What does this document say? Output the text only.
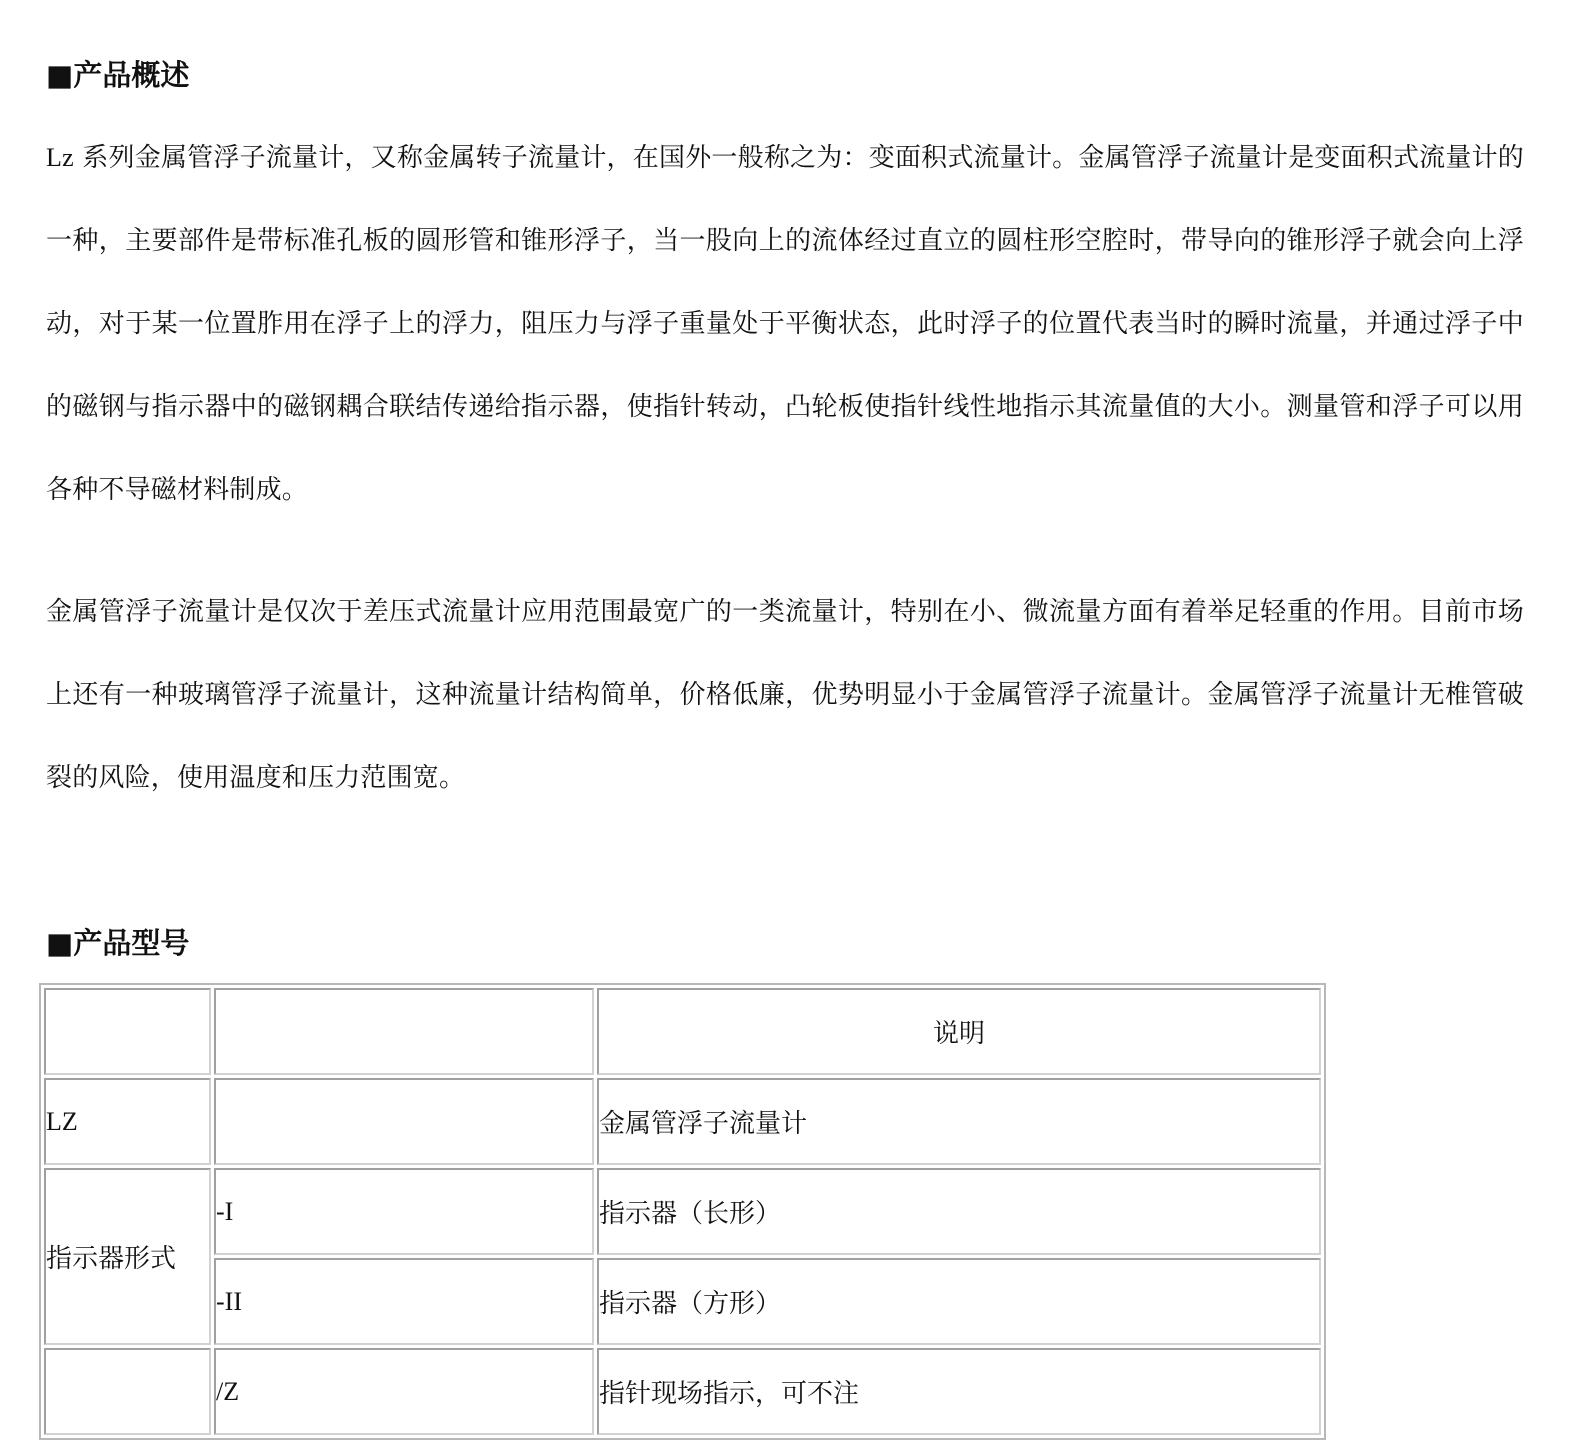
■产品概述

Lz 系列金属管浮子流量计，又称金属转子流量计，在国外一般称之为：变面积式流量计。金属管浮子流量计是变面积式流量计的一种，主要部件是带标准孔板的圆形管和锥形浮子，当一股向上的流体经过直立的圆柱形空腔时，带导向的锥形浮子就会向上浮动，对于某一位置胙用在浮子上的浮力，阻压力与浮子重量处于平衡状态，此时浮子的位置代表当时的瞬时流量，并通过浮子中的磁钢与指示器中的磁钢耦合联结传递给指示器，使指针转动，凸轮板使指针线性地指示其流量值的大小。测量管和浮子可以用各种不导磁材料制成。

金属管浮子流量计是仅次于差压式流量计应用范围最宽广的一类流量计，特别在小、微流量方面有着举足轻重的作用。目前市场上还有一种玻璃管浮子流量计，这种流量计结构简单，价格低廉，优势明显小于金属管浮子流量计。金属管浮子流量计无椎管破裂的风险，使用温度和压力范围宽。

■产品型号
		说明
LZ		金属管浮子流量计
指示器形式	-I	指示器（长形）
	-II	指示器（方形）
	/Z	指针现场指示，可不注
